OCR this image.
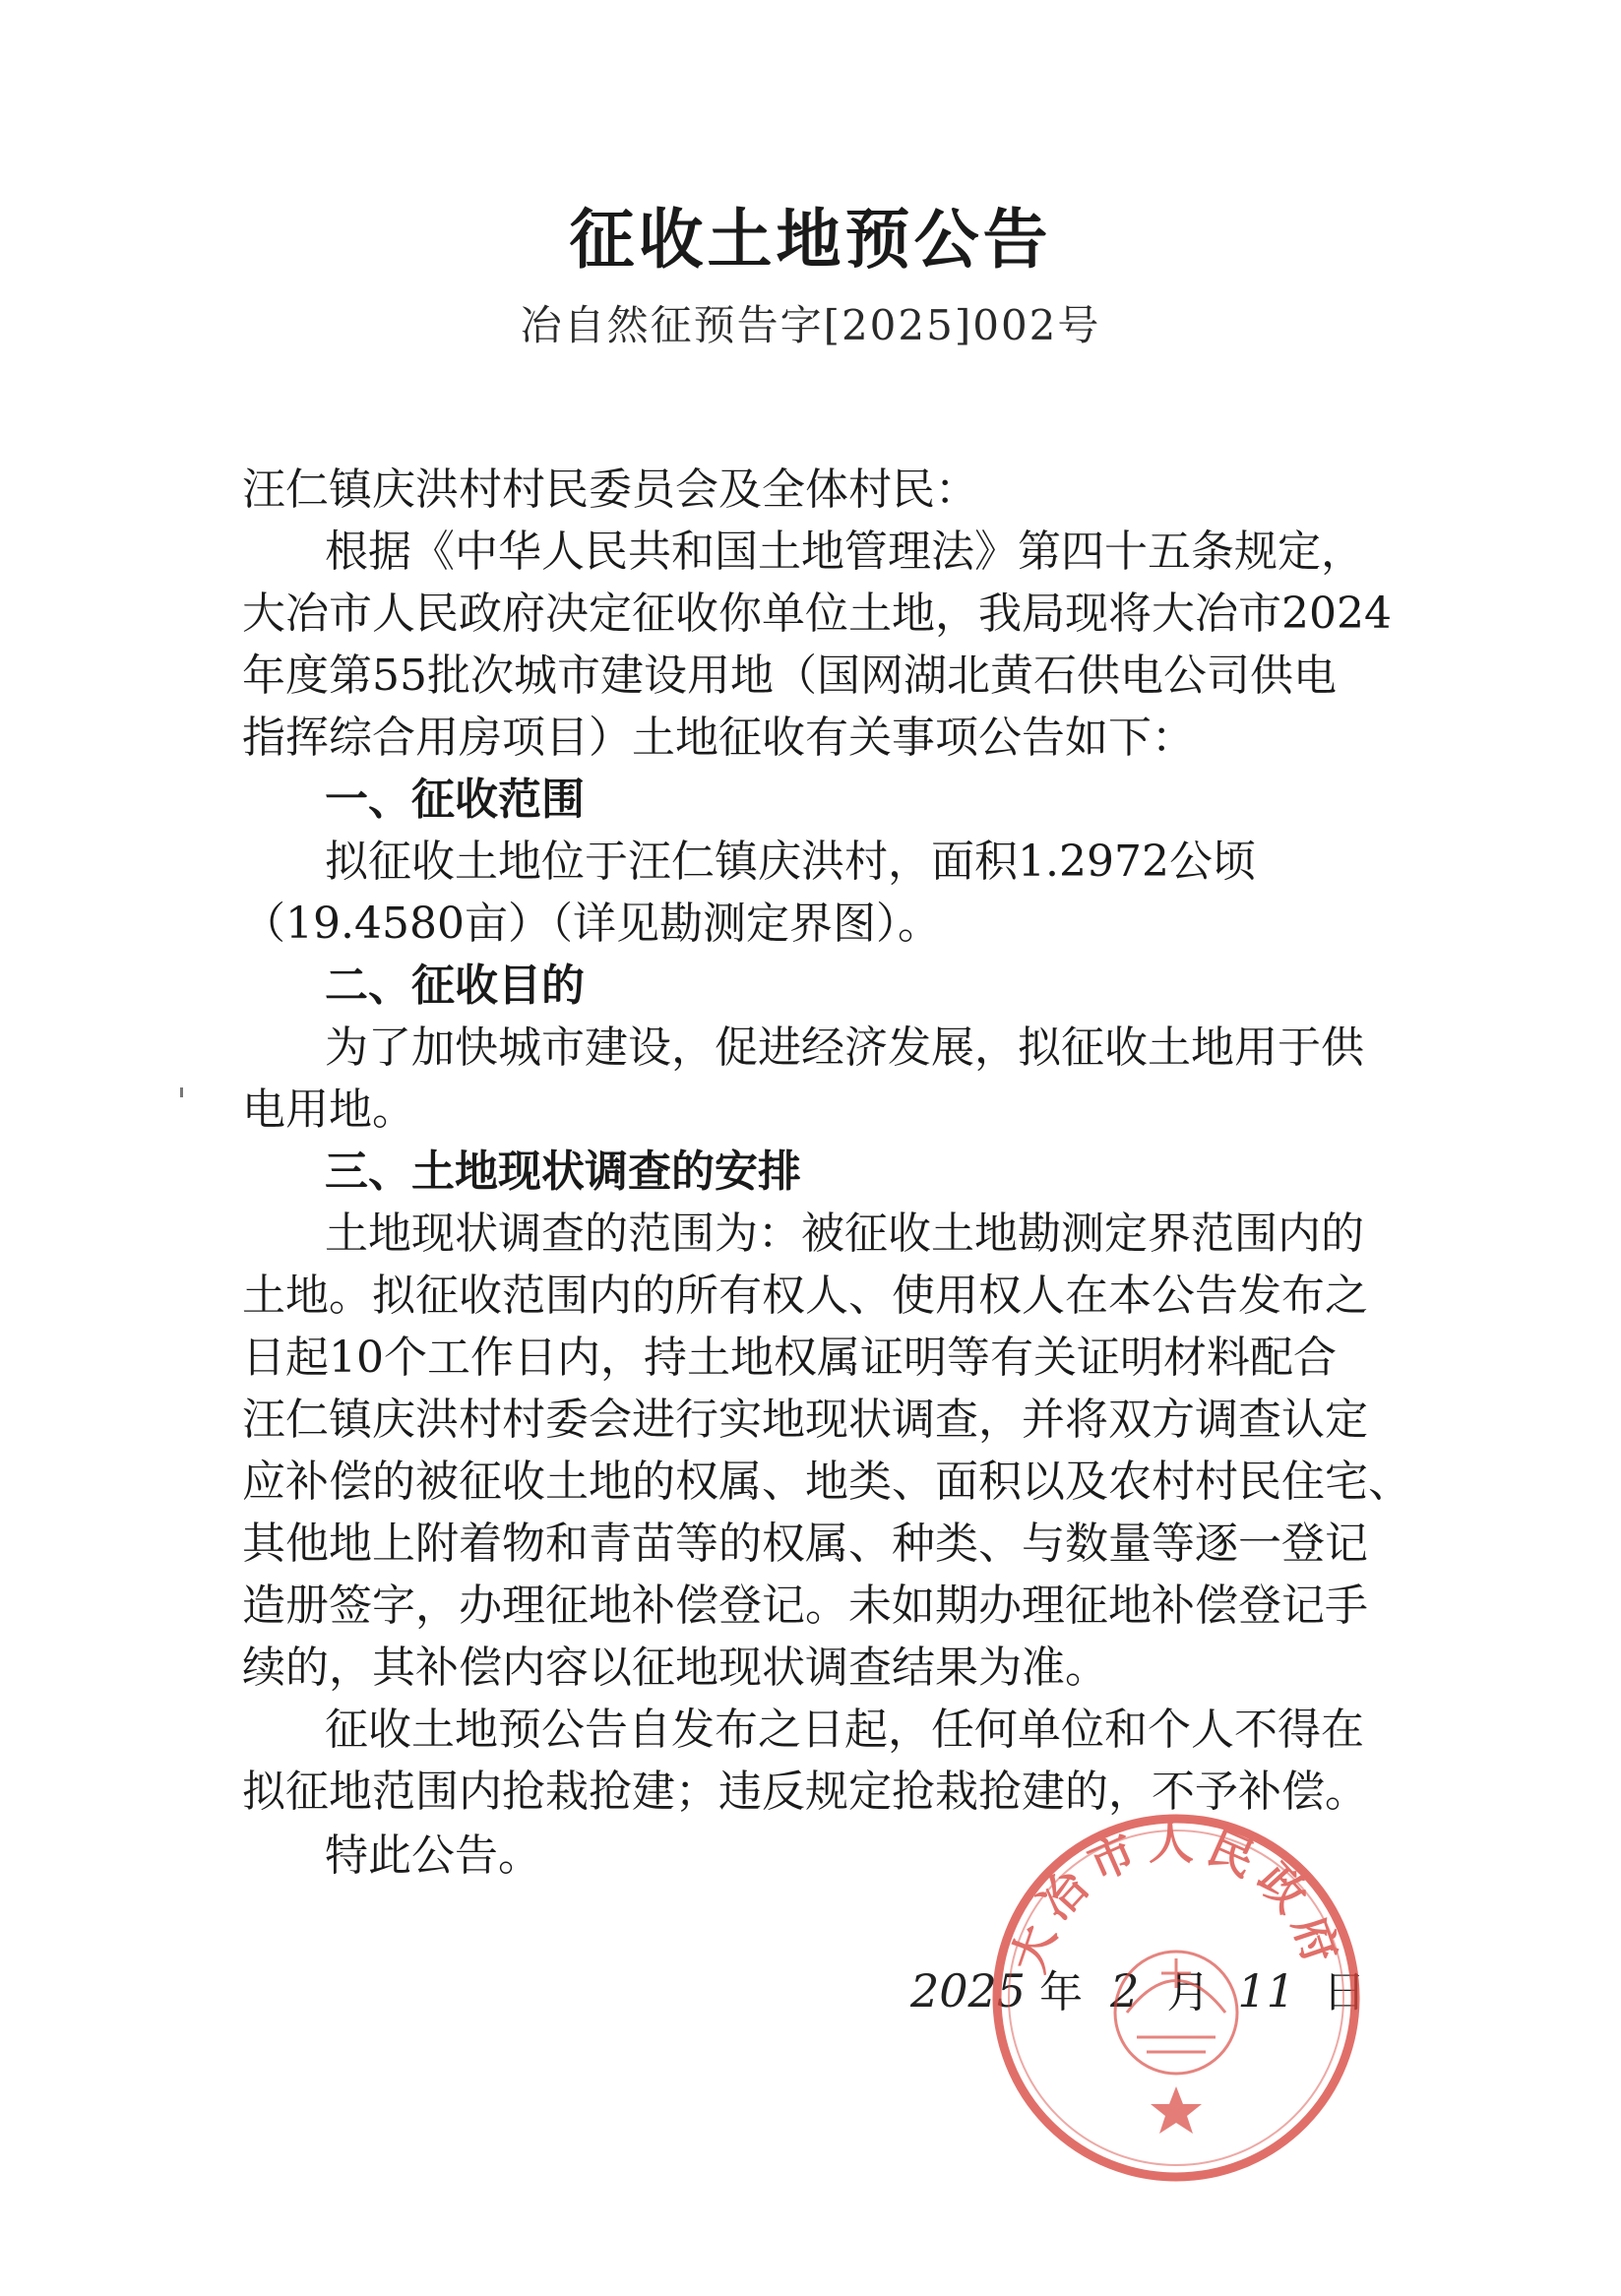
征收土地预公告
冶自然征预告字[2025]002号
汪仁镇庆洪村村民委员会及全体村民：
根据《中华人民共和国土地管理法》第四十五条规定，
大冶市人民政府决定征收你单位土地，我局现将大冶市2024
年度第55批次城市建设用地（国网湖北黄石供电公司供电
指挥综合用房项目）土地征收有关事项公告如下：
一、征收范围
拟征收土地位于汪仁镇庆洪村，面积1.2972公顷
（19.4580亩）（详见勘测定界图）。
二、征收目的
为了加快城市建设，促进经济发展，拟征收土地用于供
电用地。
三、土地现状调查的安排
土地现状调查的范围为：被征收土地勘测定界范围内的
土地。拟征收范围内的所有权人、使用权人在本公告发布之
日起10个工作日内，持土地权属证明等有关证明材料配合
汪仁镇庆洪村村委会进行实地现状调查，并将双方调查认定
应补偿的被征收土地的权属、地类、面积以及农村村民住宅、
其他地上附着物和青苗等的权属、种类、与数量等逐一登记
造册签字，办理征地补偿登记。未如期办理征地补偿登记手
续的，其补偿内容以征地现状调查结果为准。
征收土地预公告自发布之日起，任何单位和个人不得在
拟征地范围内抢栽抢建；违反规定抢栽抢建的，不予补偿。
特此公告。
2025 年 2 月 11 日
大冶市人民政府
